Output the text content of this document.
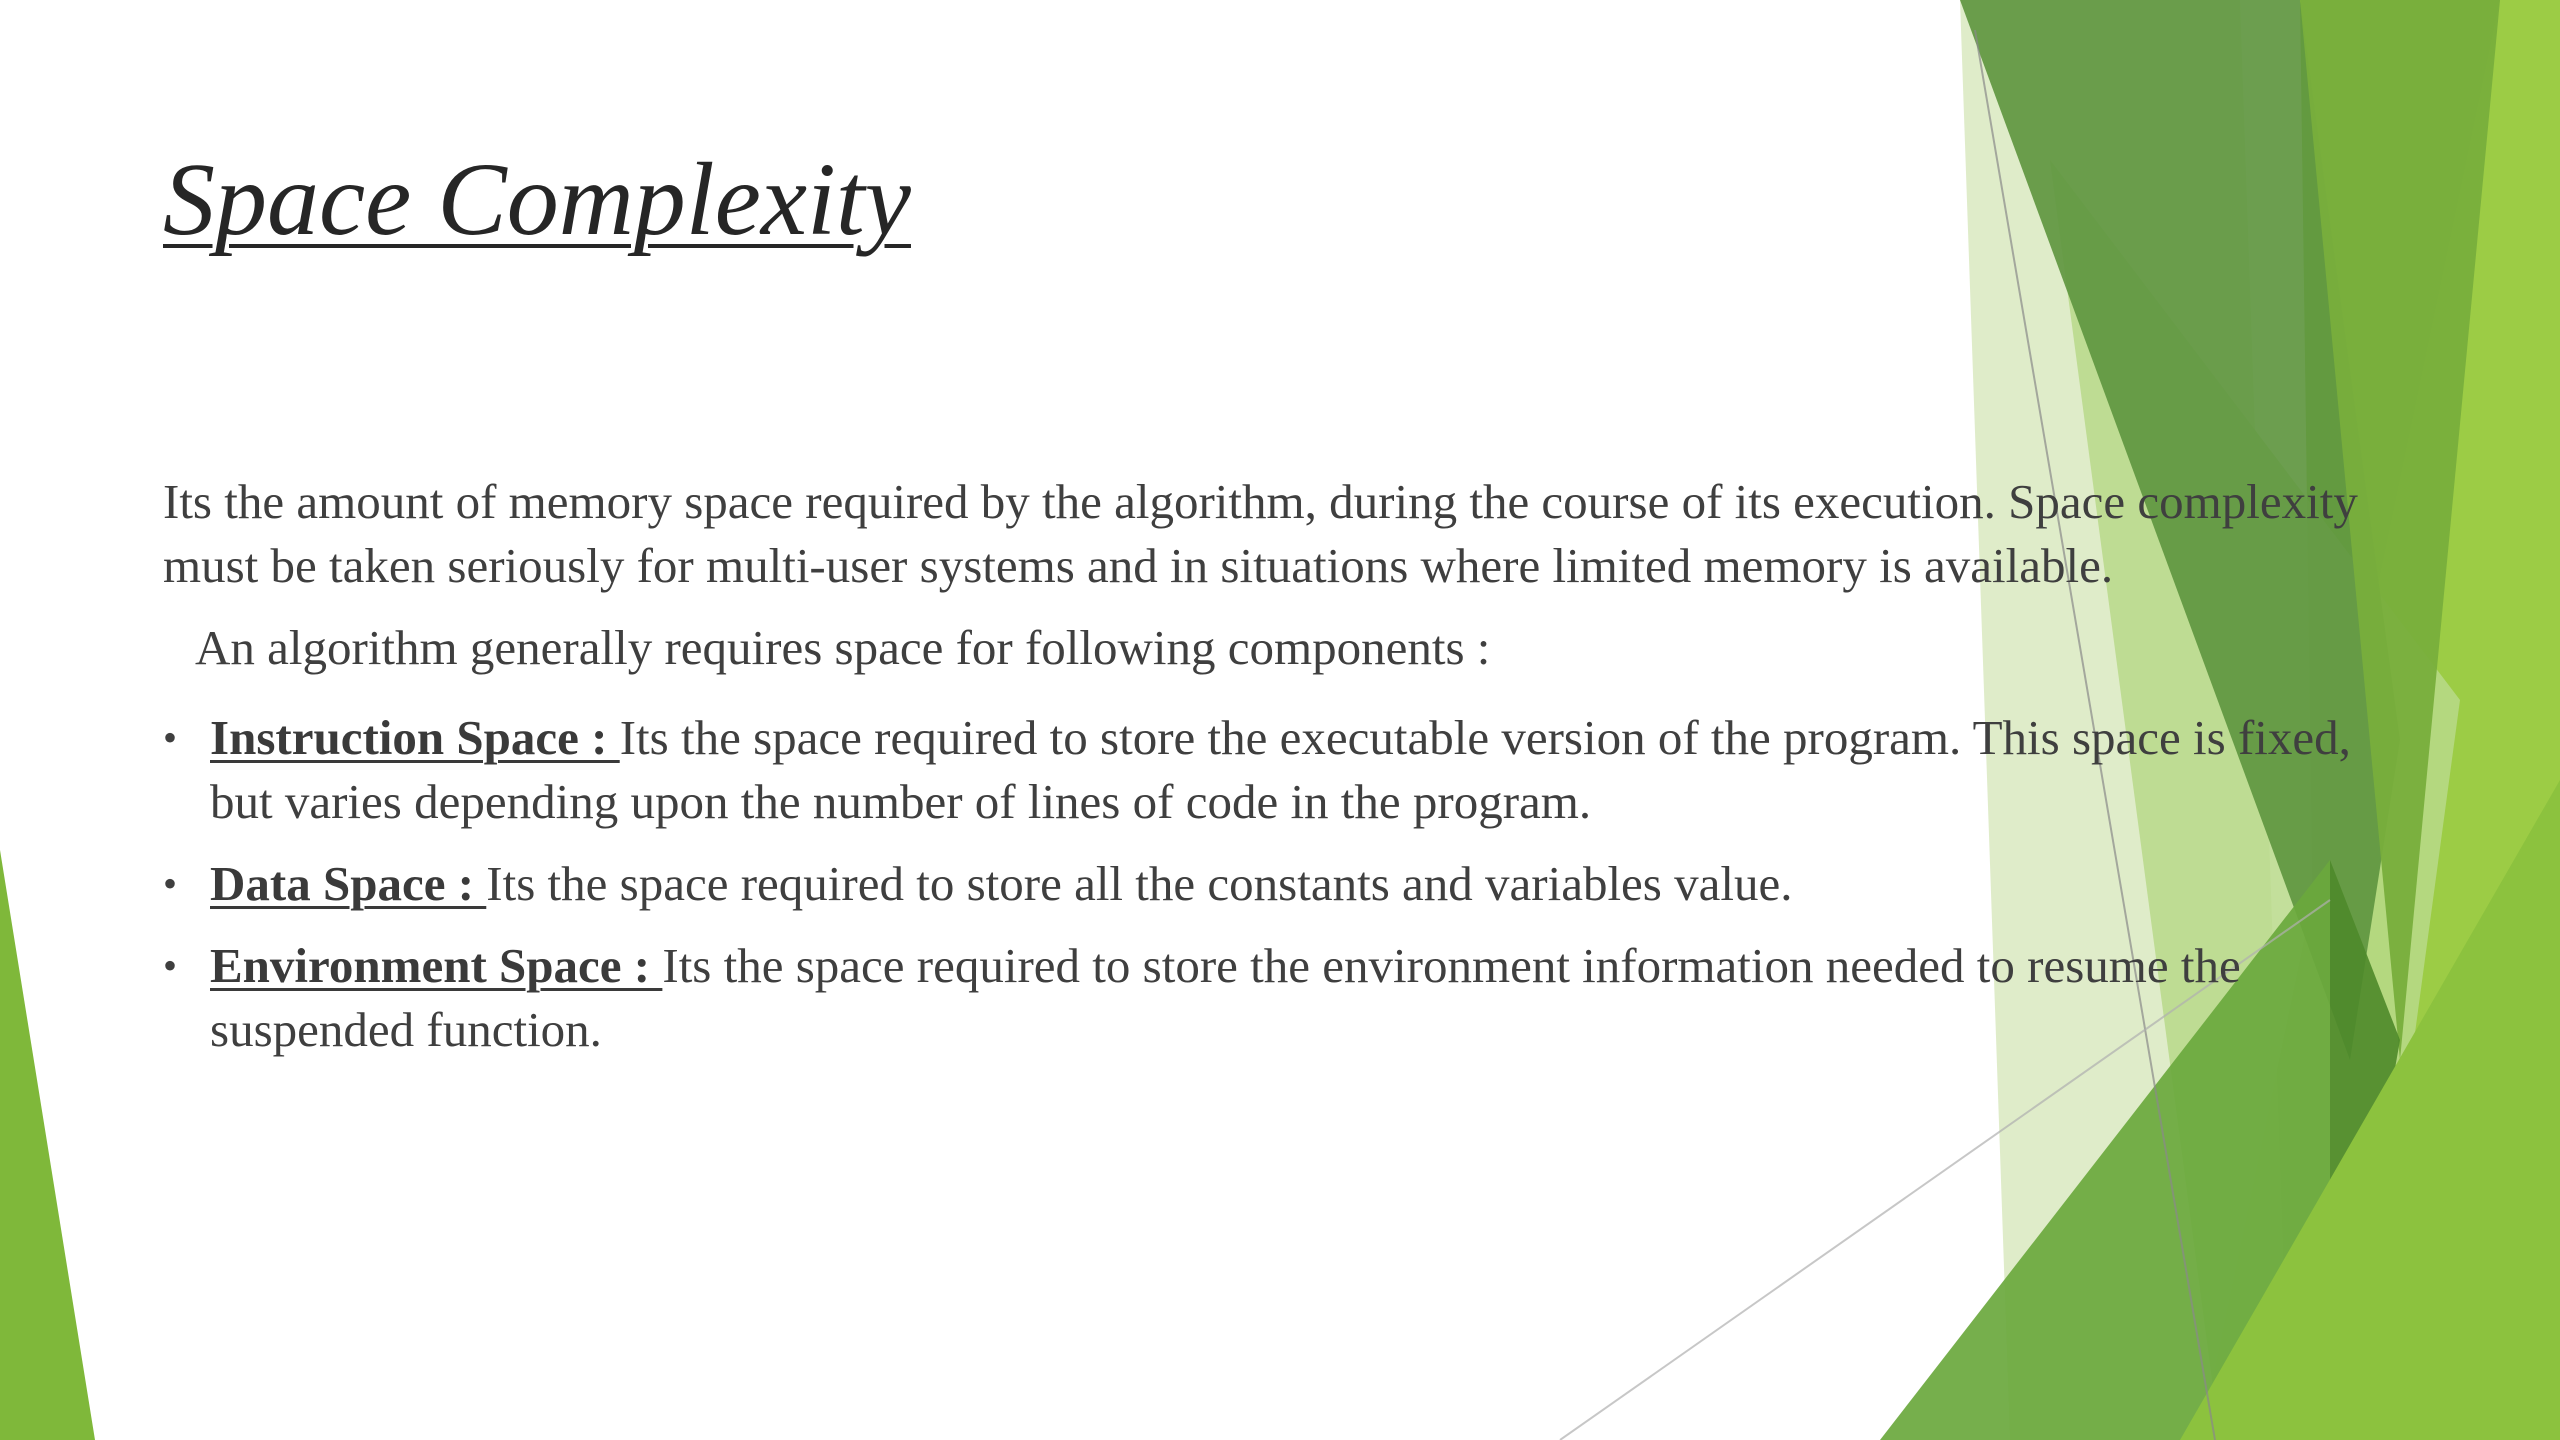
Space Complexity

Its the amount of memory space required by the algorithm, during the course of its execution. Space complexity must be taken seriously for multi-user systems and in situations where limited memory is available.

An algorithm generally requires space for following components :

• Instruction Space : Its the space required to store the executable version of the program. This space is fixed, but varies depending upon the number of lines of code in the program.
• Data Space : Its the space required to store all the constants and variables value.
• Environment Space : Its the space required to store the environment information needed to resume the suspended function.
